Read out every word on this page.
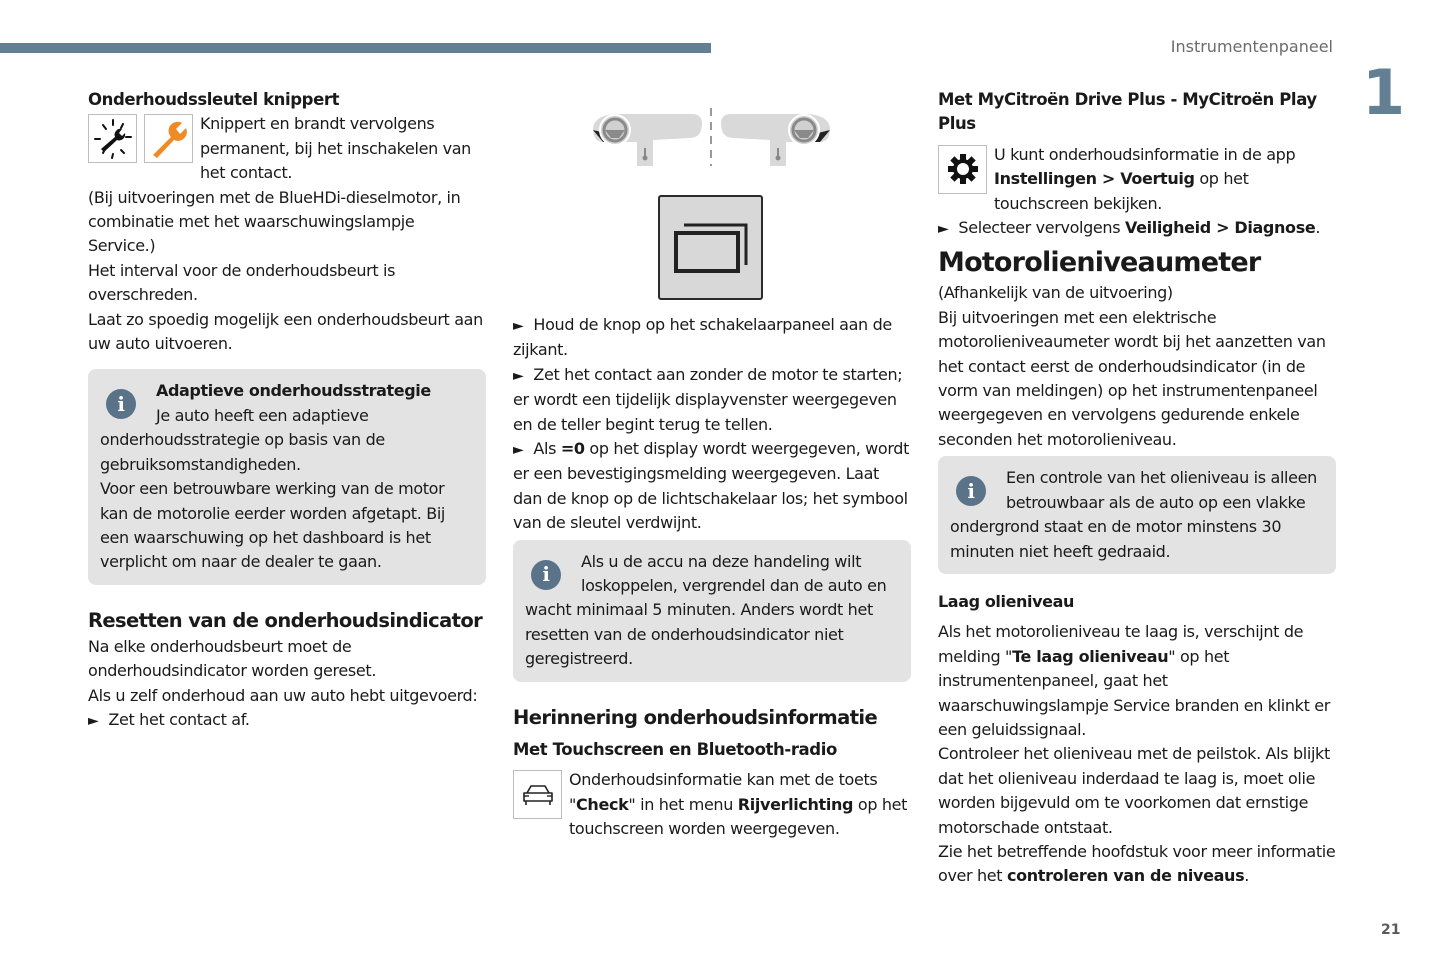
Instrumentenpaneel
1
21
Onderhoudssleutel knippert

Knippert en brandt vervolgens permanent, bij het inschakelen van het contact.

(Bij uitvoeringen met de BlueHDi-dieselmotor, in combinatie met het waarschuwingslampje Service.)

Het interval voor de onderhoudsbeurt is overschreden.

Laat zo spoedig mogelijk een onderhoudsbeurt aan uw auto uitvoeren.

i

Adaptieve onderhoudsstrategie

Je auto heeft een adaptieve onderhoudsstrategie op basis van de gebruiksomstandigheden.

Voor een betrouwbare werking van de motor kan de motorolie eerder worden afgetapt. Bij een waarschuwing op het dashboard is het verplicht om naar de dealer te gaan.

Resetten van de onderhoudsindicator

Na elke onderhoudsbeurt moet de onderhoudsindicator worden gereset.

Als u zelf onderhoud aan uw auto hebt uitgevoerd:

► Zet het contact af.

► Houd de knop op het schakelaarpaneel aan de zijkant.

► Zet het contact aan zonder de motor te starten; er wordt een tijdelijk displayvenster weergegeven en de teller begint terug te tellen.

► Als =0 op het display wordt weergegeven, wordt er een bevestigingsmelding weergegeven. Laat dan de knop op de lichtschakelaar los; het symbool van de sleutel verdwijnt.

i

Als u de accu na deze handeling wilt loskoppelen, vergrendel dan de auto en wacht minimaal 5 minuten. Anders wordt het resetten van de onderhoudsindicator niet geregistreerd.

Herinnering onderhoudsinformatie
Met Touchscreen en Bluetooth-radio

Onderhoudsinformatie kan met de toets "Check" in het menu Rijverlichting op het touchscreen worden weergegeven.

Met MyCitroën Drive Plus - MyCitroën Play Plus

U kunt onderhoudsinformatie in de app Instellingen > Voertuig op het touchscreen bekijken.

► Selecteer vervolgens Veiligheid > Diagnose.

Motorolieniveaumeter

(Afhankelijk van de uitvoering)

Bij uitvoeringen met een elektrische motorolieniveaumeter wordt bij het aanzetten van het contact eerst de onderhoudsindicator (in de vorm van meldingen) op het instrumentenpaneel weergegeven en vervolgens gedurende enkele seconden het motorolieniveau.

i

Een controle van het olieniveau is alleen betrouwbaar als de auto op een vlakke ondergrond staat en de motor minstens 30 minuten niet heeft gedraaid.

Laag olieniveau

Als het motorolieniveau te laag is, verschijnt de melding "Te laag olieniveau" op het instrumentenpaneel, gaat het waarschuwingslampje Service branden en klinkt er een geluidssignaal.

Controleer het olieniveau met de peilstok. Als blijkt dat het olieniveau inderdaad te laag is, moet olie worden bijgevuld om te voorkomen dat ernstige motorschade ontstaat.

Zie het betreffende hoofdstuk voor meer informatie over het controleren van de niveaus.
